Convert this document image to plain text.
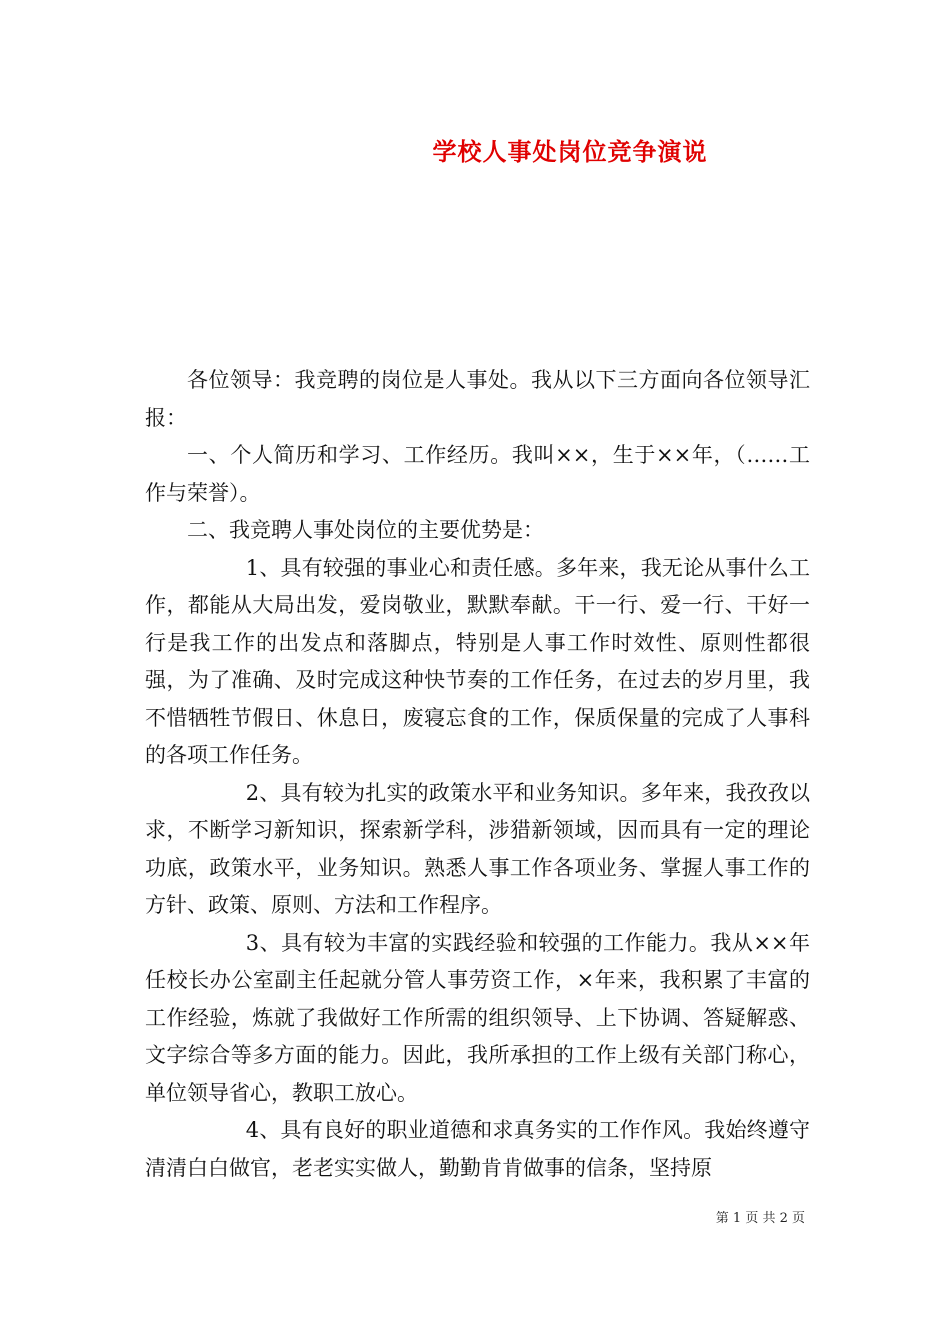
学校人事处岗位竞争演说

各位领导：我竞聘的岗位是人事处。我从以下三方面向各位领导汇报：

一、个人简历和学习、工作经历。我叫××，生于××年，（……工作与荣誉）。

二、我竞聘人事处岗位的主要优势是：

1、具有较强的事业心和责任感。多年来，我无论从事什么工作，都能从大局出发，爱岗敬业，默默奉献。干一行、爱一行、干好一行是我工作的出发点和落脚点，特别是人事工作时效性、原则性都很强，为了准确、及时完成这种快节奏的工作任务，在过去的岁月里，我不惜牺牲节假日、休息日，废寝忘食的工作，保质保量的完成了人事科的各项工作任务。

2、具有较为扎实的政策水平和业务知识。多年来，我孜孜以求，不断学习新知识，探索新学科，涉猎新领域，因而具有一定的理论功底，政策水平，业务知识。熟悉人事工作各项业务、掌握人事工作的方针、政策、原则、方法和工作程序。

3、具有较为丰富的实践经验和较强的工作能力。我从××年任校长办公室副主任起就分管人事劳资工作，×年来，我积累了丰富的工作经验，炼就了我做好工作所需的组织领导、上下协调、答疑解惑、文字综合等多方面的能力。因此，我所承担的工作上级有关部门称心，单位领导省心，教职工放心。

4、具有良好的职业道德和求真务实的工作作风。我始终遵守清清白白做官，老老实实做人，勤勤肯肯做事的信条，坚持原

第 1 页 共 2 页
